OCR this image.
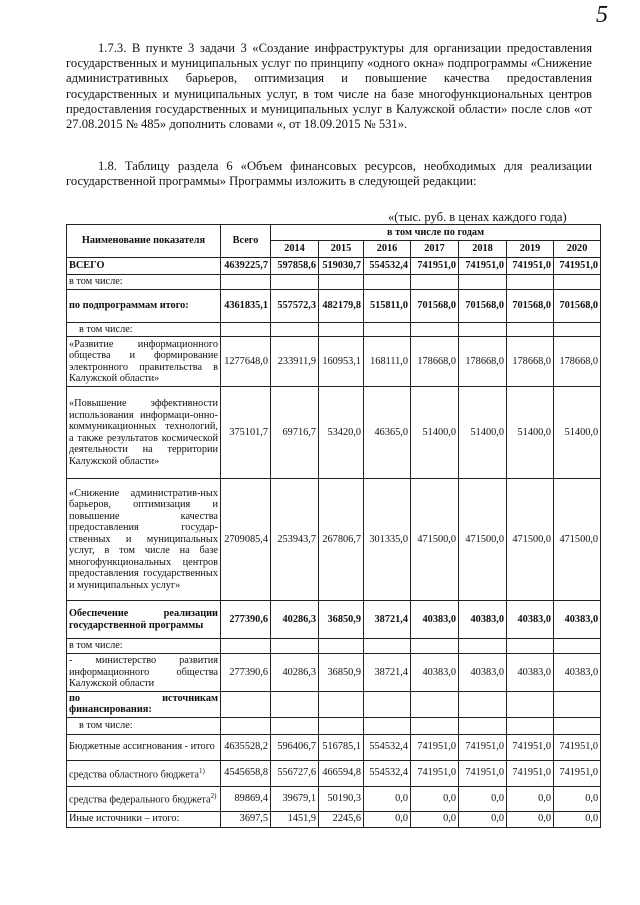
5
1.7.3. В пункте 3 задачи 3 «Создание инфраструктуры для организации предоставления государственных и муниципальных услуг по принципу «одного окна» подпрограммы «Снижение административных барьеров, оптимизация и повышение качества предоставления государственных и муниципальных услуг, в том числе на базе многофункциональных центров предоставления государственных и муниципальных услуг в Калужской области» после слов «от 27.08.2015 № 485» дополнить словами «, от 18.09.2015 № 531».
1.8. Таблицу раздела 6 «Объем финансовых ресурсов, необходимых для реализации государственной программы» Программы изложить в следующей редакции:
«(тыс. руб. в ценах каждого года)
Наименование показателя	Всего	в том числе по годам						
		2014	2015	2016	2017	2018	2019	2020
ВСЕГО	4639225,7	597858,6	519030,7	554532,4	741951,0	741951,0	741951,0	741951,0
в том числе:								
по подпрограммам итого:	4361835,1	557572,3	482179,8	515811,0	701568,0	701568,0	701568,0	701568,0
в том числе:								
«Развитие информационного общества и формирование электронного правительства в Калужской области»	1277648,0	233911,9	160953,1	168111,0	178668,0	178668,0	178668,0	178668,0
«Повышение эффективности использования информаци-онно-коммуникационных технологий, а также результатов космической деятельности на территории Калужской области»	375101,7	69716,7	53420,0	46365,0	51400,0	51400,0	51400,0	51400,0
«Снижение административ-ных барьеров, оптимизация и повышение качества предоставления государ-ственных и муниципальных услуг, в том числе на базе многофункциональных центров предоставления государственных и муниципальных услуг»	2709085,4	253943,7	267806,7	301335,0	471500,0	471500,0	471500,0	471500,0
Обеспечение реализации государственной программы	277390,6	40286,3	36850,9	38721,4	40383,0	40383,0	40383,0	40383,0
в том числе:								
- министерство развития информационного общества Калужской области	277390,6	40286,3	36850,9	38721,4	40383,0	40383,0	40383,0	40383,0
по источникам финансирования:								
в том числе:								
Бюджетные ассигнования - итого	4635528,2	596406,7	516785,1	554532,4	741951,0	741951,0	741951,0	741951,0
средства областного бюджета$^{1)}$	4545658,8	556727,6	466594,8	554532,4	741951,0	741951,0	741951,0	741951,0
средства федерального бюджета$^{2)}$	89869,4	39679,1	50190,3	0,0	0,0	0,0	0,0	0,0
Иные источники – итого:	3697,5	1451,9	2245,6	0,0	0,0	0,0	0,0	0,0
